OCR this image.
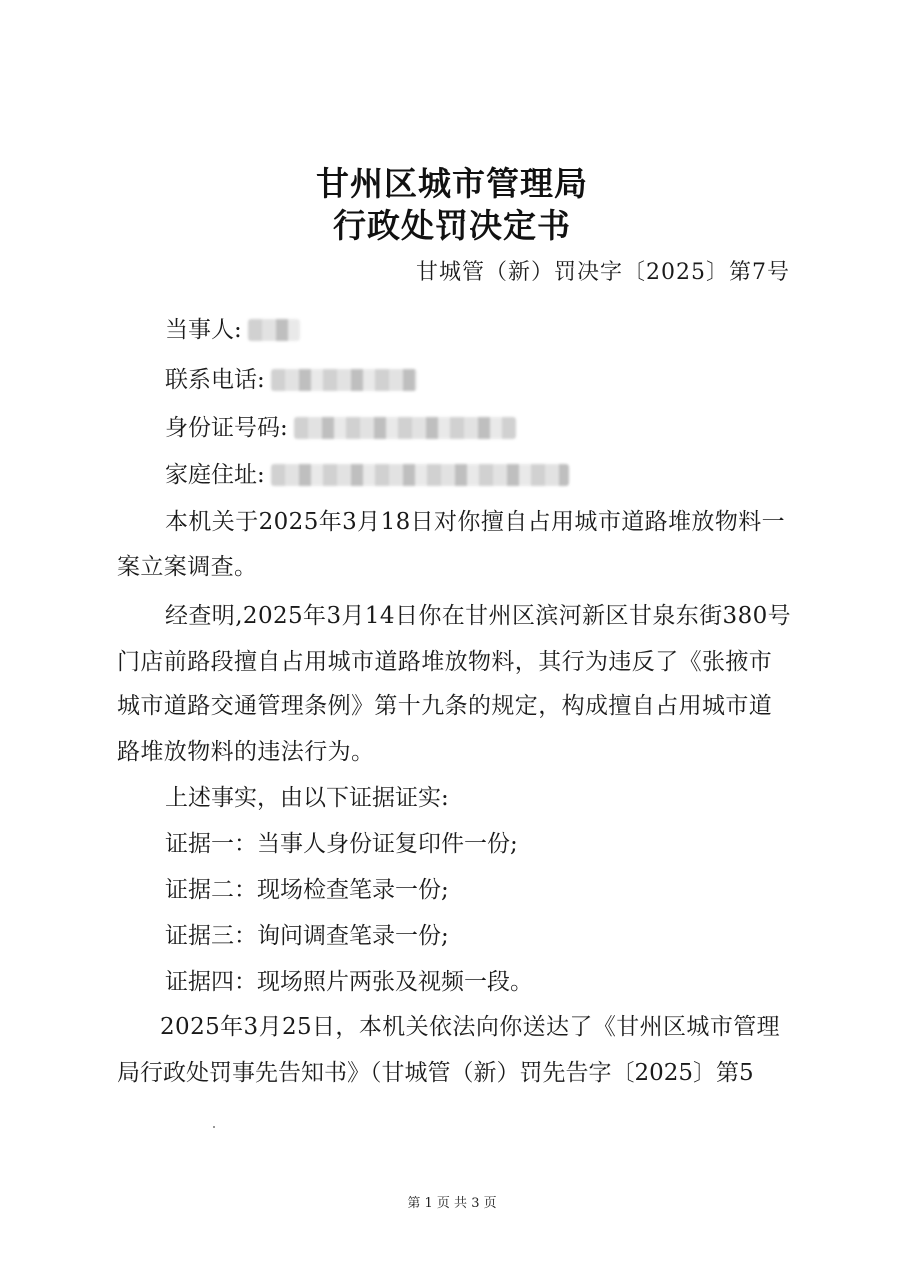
甘州区城市管理局
行政处罚决定书
甘城管（新）罚决字〔2025〕第7号
当事人:
联系电话:
身份证号码:
家庭住址:
本机关于2025年3月18日对你擅自占用城市道路堆放物料一
案立案调查。
经查明,2025年3月14日你在甘州区滨河新区甘泉东街380号
门店前路段擅自占用城市道路堆放物料，其行为违反了《张掖市
城市道路交通管理条例》第十九条的规定，构成擅自占用城市道
路堆放物料的违法行为。
上述事实，由以下证据证实:
证据一：当事人身份证复印件一份;
证据二：现场检查笔录一份;
证据三：询问调查笔录一份;
证据四：现场照片两张及视频一段。
2025年3月25日，本机关依法向你送达了《甘州区城市管理
局行政处罚事先告知书》（甘城管（新）罚先告字〔2025〕第5
第 1 页 共 3 页
